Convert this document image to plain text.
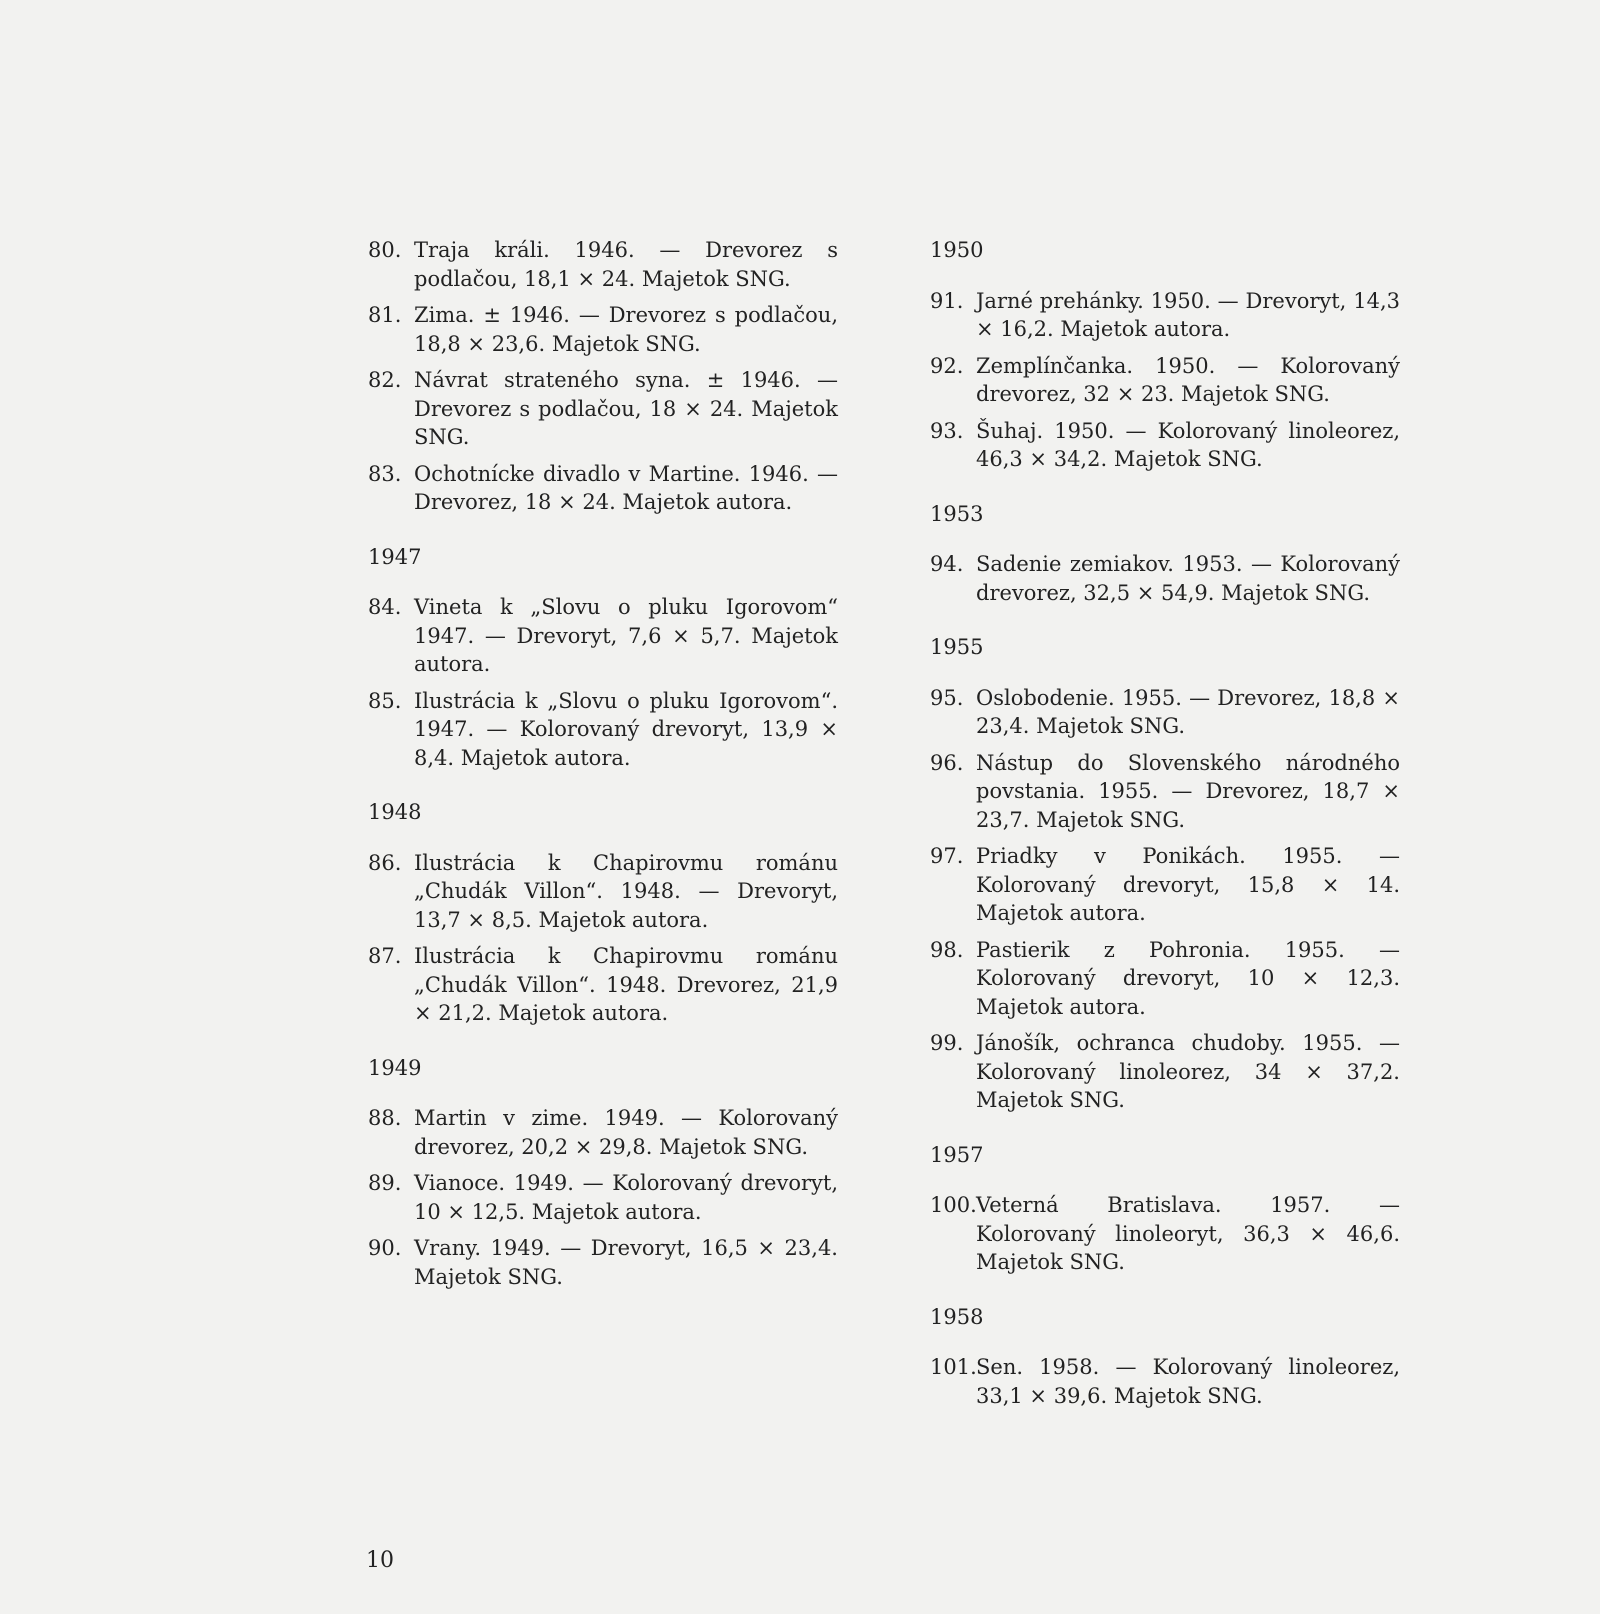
80. Traja králi. 1946. — Drevorez s podlačou, 18,1 × 24. Majetok SNG.
81. Zima. ± 1946. — Drevorez s podlačou, 18,8 × 23,6. Majetok SNG.
82. Návrat strateného syna. ± 1946. — Drevorez s podlačou, 18 × 24. Majetok SNG.
83. Ochotnícke divadlo v Martine. 1946. — Drevorez, 18 × 24. Majetok autora.
1947
84. Vineta k „Slovu o pluku Igorovom“ 1947. — Drevoryt, 7,6 × 5,7. Majetok autora.
85. Ilustrácia k „Slovu o pluku Igorovom“. 1947. — Kolorovaný drevoryt, 13,9 × 8,4. Majetok autora.
1948
86. Ilustrácia k Chapirovmu románu „Chudák Villon“. 1948. — Drevoryt, 13,7 × 8,5. Majetok autora.
87. Ilustrácia k Chapirovmu románu „Chudák Villon“. 1948. Drevorez, 21,9 × 21,2. Majetok autora.
1949
88. Martin v zime. 1949. — Kolorovaný drevorez, 20,2 × 29,8. Majetok SNG.
89. Vianoce. 1949. — Kolorovaný drevoryt, 10 × 12,5. Majetok autora.
90. Vrany. 1949. — Drevoryt, 16,5 × 23,4. Majetok SNG.
1950
91. Jarné prehánky. 1950. — Drevoryt, 14,3 × 16,2. Majetok autora.
92. Zemplínčanka. 1950. — Kolorovaný drevorez, 32 × 23. Majetok SNG.
93. Šuhaj. 1950. — Kolorovaný linoleorez, 46,3 × 34,2. Majetok SNG.
1953
94. Sadenie zemiakov. 1953. — Kolorovaný drevorez, 32,5 × 54,9. Majetok SNG.
1955
95. Oslobodenie. 1955. — Drevorez, 18,8 × 23,4. Majetok SNG.
96. Nástup do Slovenského národného povstania. 1955. — Drevorez, 18,7 × 23,7. Majetok SNG.
97. Priadky v Ponikách. 1955. — Kolorovaný drevoryt, 15,8 × 14. Majetok autora.
98. Pastierik z Pohronia. 1955. — Kolorovaný drevoryt, 10 × 12,3. Majetok autora.
99. Jánošík, ochranca chudoby. 1955. — Kolorovaný linoleorez, 34 × 37,2. Majetok SNG.
1957
100. Veterná Bratislava. 1957. — Kolorovaný linoleoryt, 36,3 × 46,6. Majetok SNG.
1958
101. Sen. 1958. — Kolorovaný linoleorez, 33,1 × 39,6. Majetok SNG.
10
